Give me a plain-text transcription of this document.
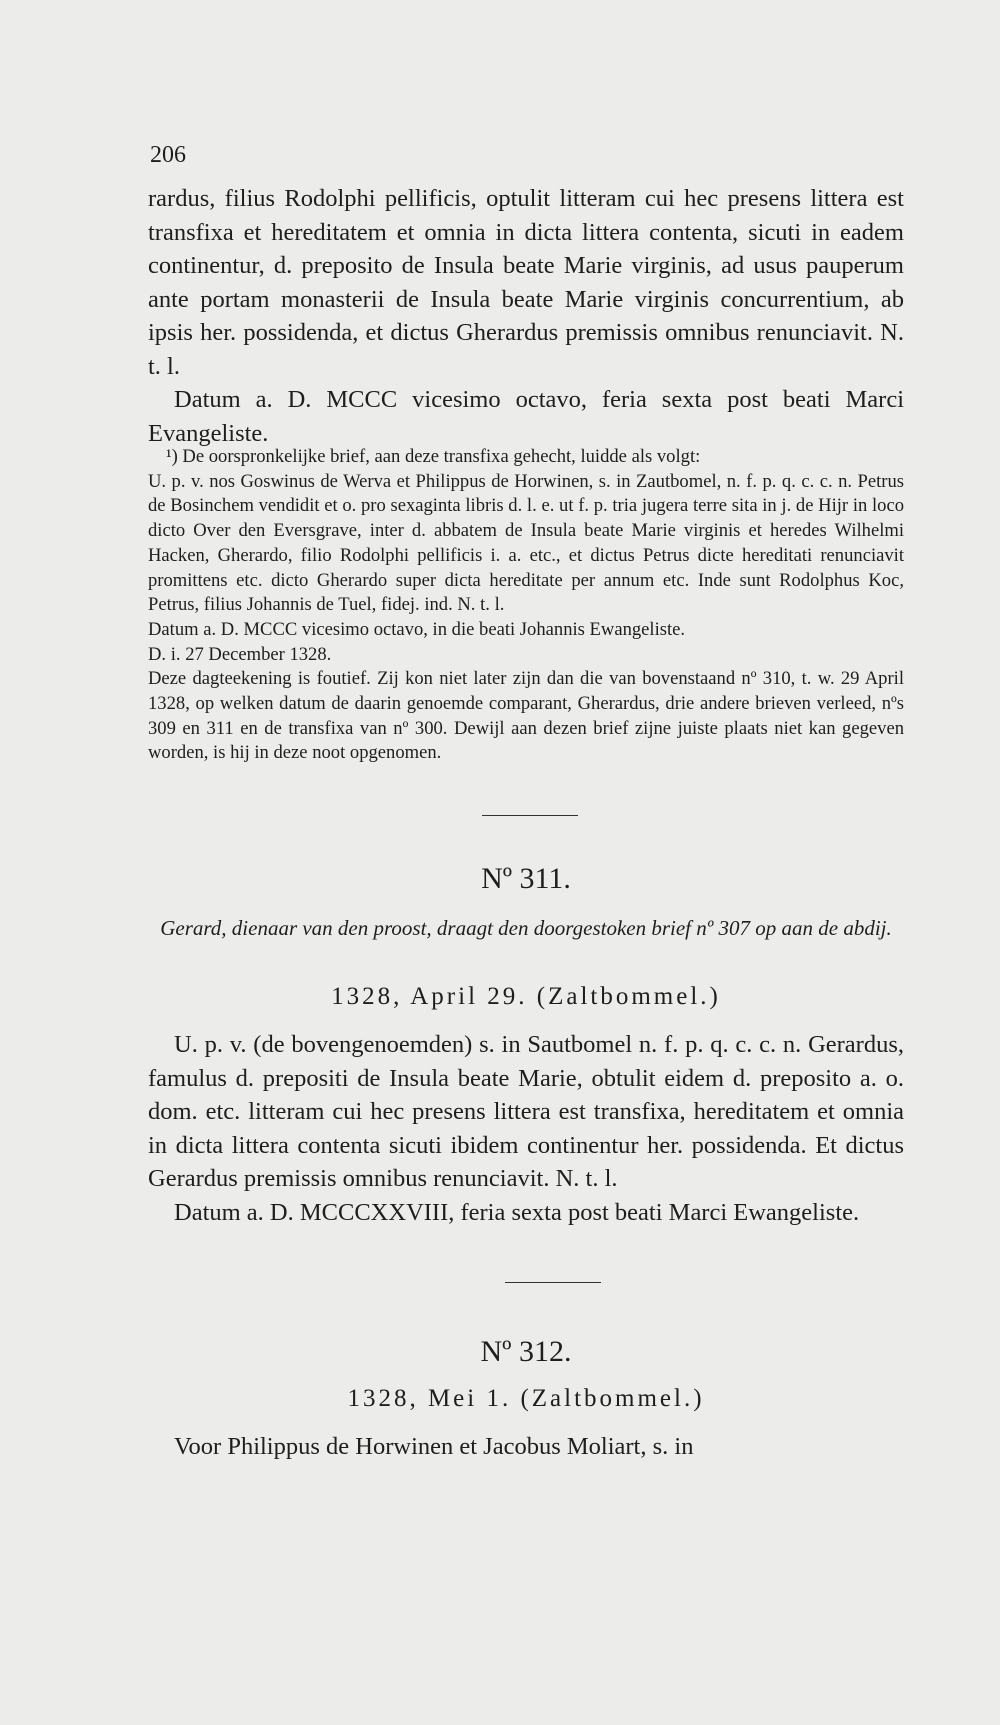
206

rardus, filius Rodolphi pellificis, optulit litteram cui hec presens littera est transfixa et hereditatem et omnia in dicta littera contenta, sicuti in eadem continentur, d. preposito de Insula beate Marie virginis, ad usus pauperum ante portam monasterii de Insula beate Marie virginis concurrentium, ab ipsis her. possidenda, et dictus Gherardus premissis omnibus renunciavit. N. t. l.

Datum a. D. MCCC vicesimo octavo, feria sexta post beati Marci Evangeliste.

¹) De oorspronkelijke brief, aan deze transfixa gehecht, luidde als volgt:

U. p. v. nos Goswinus de Werva et Philippus de Horwinen, s. in Zautbomel, n. f. p. q. c. c. n. Petrus de Bosinchem vendidit et o. pro sexaginta libris d. l. e. ut f. p. tria jugera terre sita in j. de Hijr in loco dicto Over den Eversgrave, inter d. abbatem de Insula beate Marie virginis et heredes Wilhelmi Hacken, Gherardo, filio Rodolphi pellificis i. a. etc., et dictus Petrus dicte hereditati renunciavit promittens etc. dicto Gherardo super dicta hereditate per annum etc. Inde sunt Rodolphus Koc, Petrus, filius Johannis de Tuel, fidej. ind. N. t. l.

Datum a. D. MCCC vicesimo octavo, in die beati Johannis Ewangeliste.

D. i. 27 December 1328.

Deze dagteekening is foutief. Zij kon niet later zijn dan die van bovenstaand nº 310, t. w. 29 April 1328, op welken datum de daarin genoemde comparant, Gherardus, drie andere brieven verleed, nºs 309 en 311 en de transfixa van nº 300. Dewijl aan dezen brief zijne juiste plaats niet kan gegeven worden, is hij in deze noot opgenomen.

Nº 311.
Gerard, dienaar van den proost, draagt den doorgestoken brief nº 307 op aan de abdij.
1328, April 29. (Zaltbommel.)

U. p. v. (de bovengenoemden) s. in Sautbomel n. f. p. q. c. c. n. Gerardus, famulus d. prepositi de Insula beate Marie, obtulit eidem d. preposito a. o. dom. etc. litteram cui hec presens littera est transfixa, hereditatem et omnia in dicta littera contenta sicuti ibidem continentur her. possidenda. Et dictus Gerardus premissis omnibus renunciavit. N. t. l.

Datum a. D. MCCCXXVIII, feria sexta post beati Marci Ewangeliste.

Nº 312.
1328, Mei 1. (Zaltbommel.)

Voor Philippus de Horwinen et Jacobus Moliart, s. in
